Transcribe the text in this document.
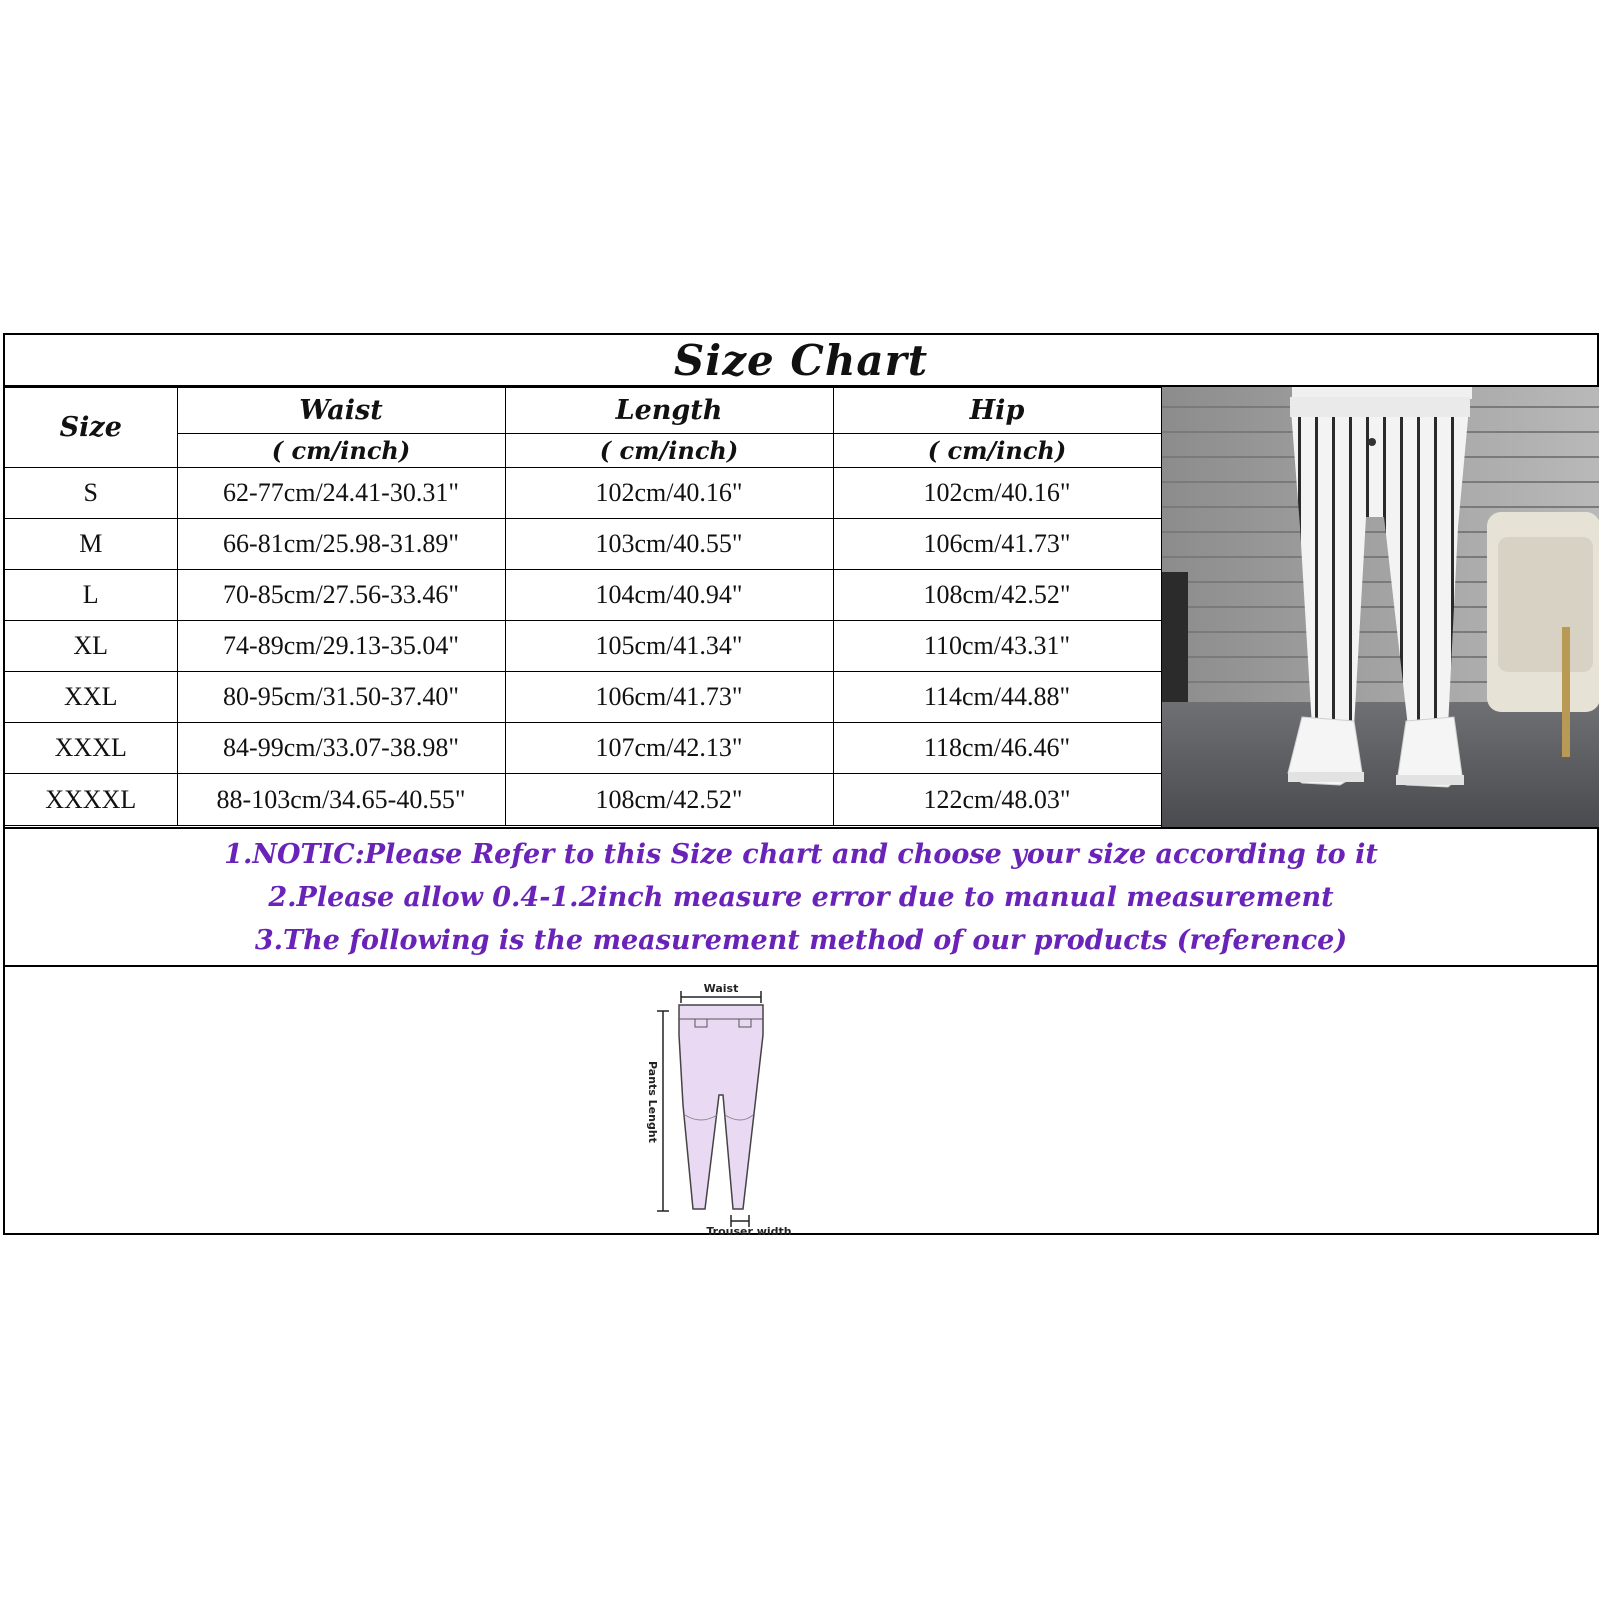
Size Chart
Size	Waist	Length	Hip
	( cm/inch)	( cm/inch)	( cm/inch)
S	62-77cm/24.41-30.31"	102cm/40.16"	102cm/40.16"
M	66-81cm/25.98-31.89"	103cm/40.55"	106cm/41.73"
L	70-85cm/27.56-33.46"	104cm/40.94"	108cm/42.52"
XL	74-89cm/29.13-35.04"	105cm/41.34"	110cm/43.31"
XXL	80-95cm/31.50-37.40"	106cm/41.73"	114cm/44.88"
XXXL	84-99cm/33.07-38.98"	107cm/42.13"	118cm/46.46"
XXXXL	88-103cm/34.65-40.55"	108cm/42.52"	122cm/48.03"
1.NOTIC:Please Refer to this Size chart and choose your size according to it
2.Please allow 0.4-1.2inch measure error due to manual measurement
3.The following is the measurement method of our products (reference)
Waist
Pants Lenght
Trouser width
